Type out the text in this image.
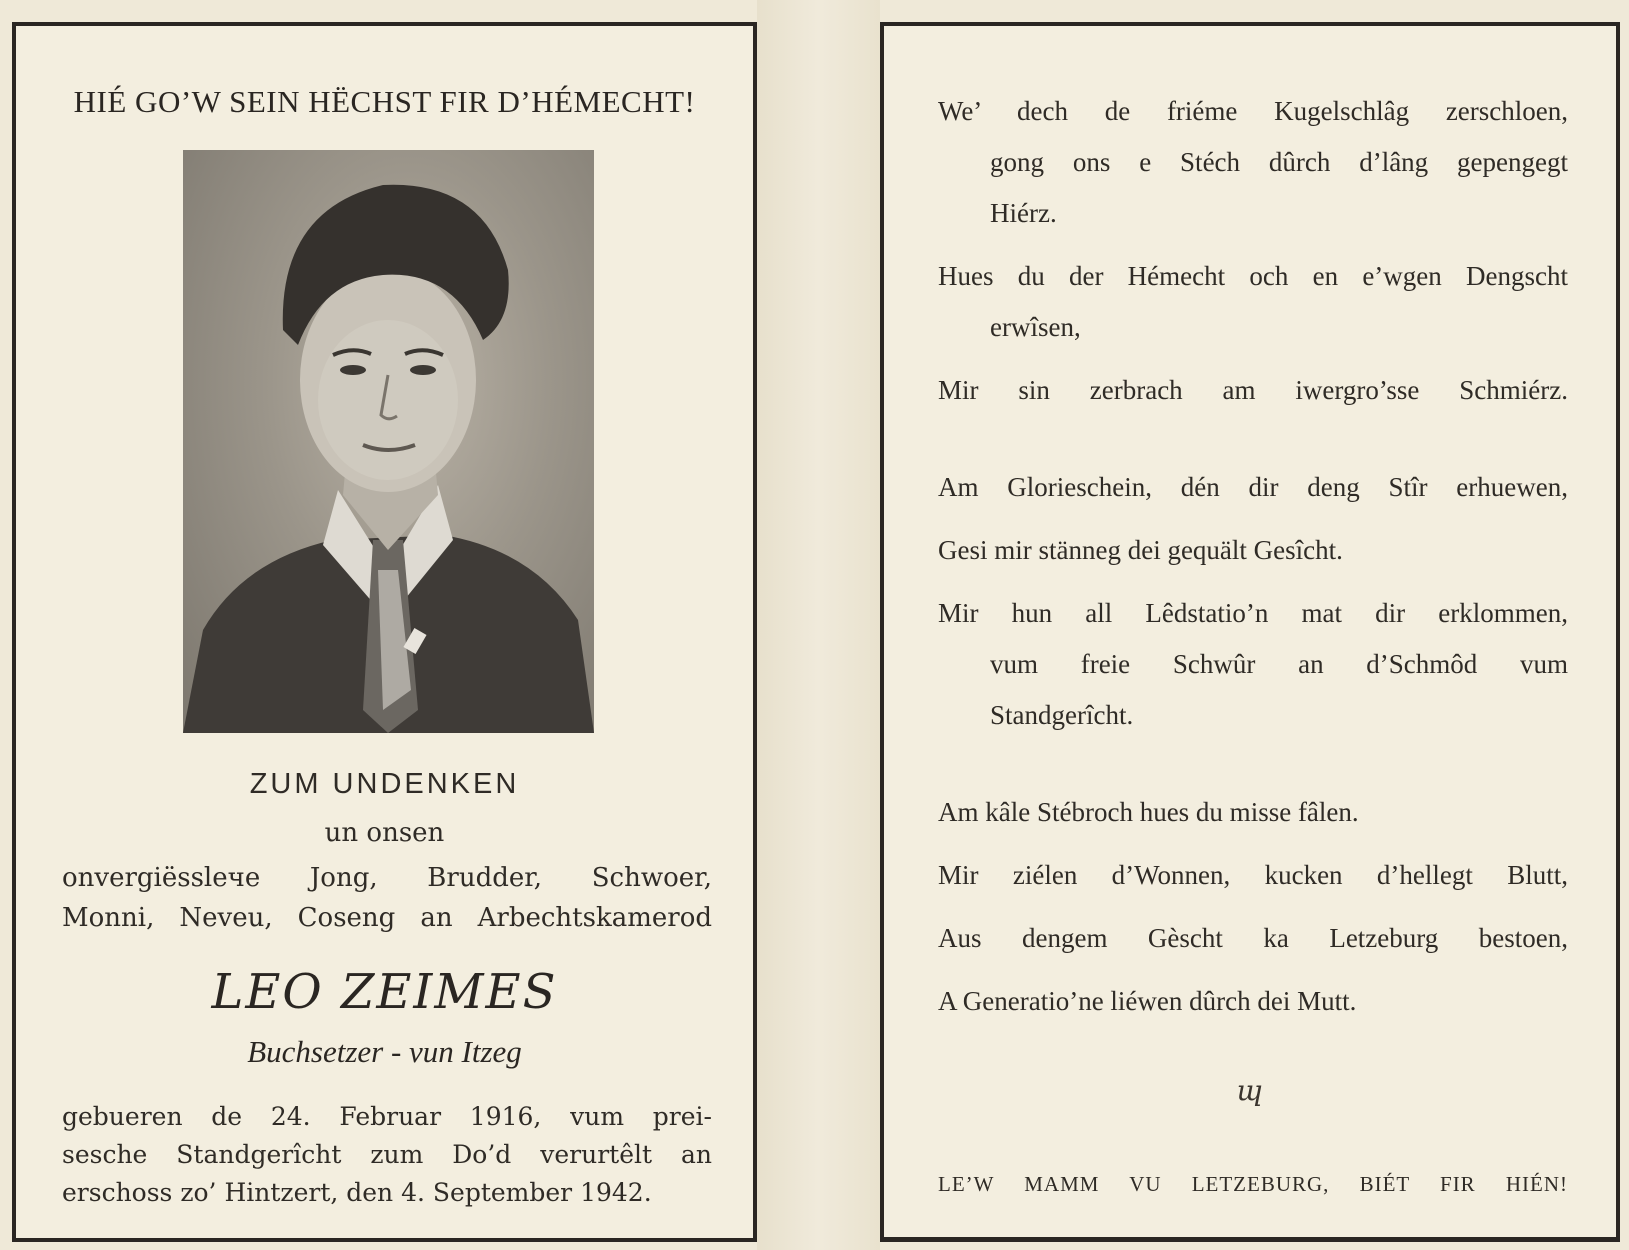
HIÉ GO’W SEIN HËCHST FIR D’HÉMECHT!
ZUM UNDENKEN
un onsen
onvergiësslече Jong, Brudder, Schwoer,
Monni, Neveu, Coseng an Arbechtskamerod
LEO ZEIMES
Buchsetzer - vun Itzeg
gebueren de 24. Februar 1916, vum prei-
sesche Standgerîcht zum Do’d verurtêlt an
erschoss zo’ Hintzert, den 4. September 1942.
We’ dech de friéme Kugelschlâg zerschloen,
gong ons e Stéch dûrch d’lâng gepengegt
Hiérz.
Hues du der Hémecht och en e’wgen Dengscht
erwîsen,
Mir sin zerbrach am iwergro’sse Schmiérz.
Am Glorieschein, dén dir deng Stîr erhuewen,
Gesi mir stänneg dei gequält Gesîcht.
Mir hun all Lêdstatio’n mat dir erklommen,
vum freie Schwûr an d’Schmôd vum
Standgerîcht.
Am kâle Stébroch hues du misse fâlen.
Mir ziélen d’Wonnen, kucken d’hellegt Blutt,
Aus dengem Gèscht ka Letzeburg bestoen,
A Generatio’ne liéwen dûrch dei Mutt.
ɰ
LE’W MAMM VU LETZEBURG, BIÉT FIR HIÉN!
